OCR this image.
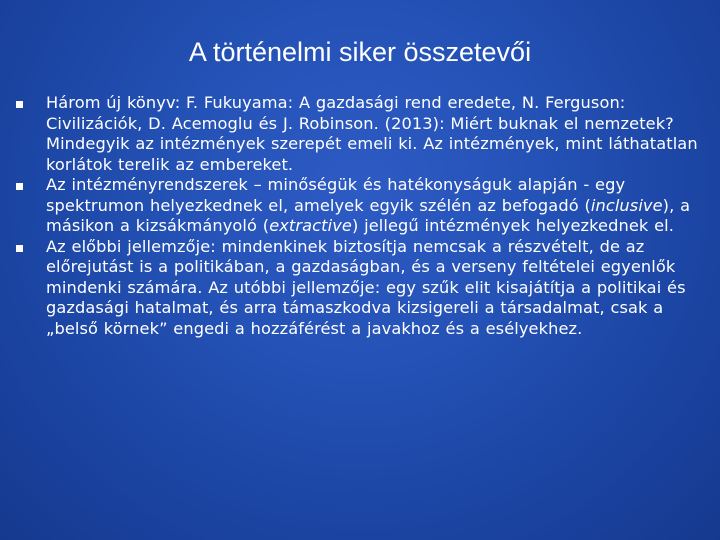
A történelmi siker összetevői
Három új könyv: F. Fukuyama: A gazdasági rend eredete, N. Ferguson: Civilizációk, D. Acemoglu és J. Robinson. (2013): Miért buknak el nemzetek? Mindegyik az intézmények szerepét emeli ki. Az intézmények, mint láthatatlan korlátok terelik az embereket.
Az intézményrendszerek – minőségük és hatékonyságuk alapján - egy spektrumon helyezkednek el, amelyek egyik szélén az befogadó (inclusive), a másikon a kizsákmányoló (extractive) jellegű intézmények helyezkednek el.
Az előbbi jellemzője: mindenkinek biztosítja nemcsak a részvételt, de az előrejutást is a politikában, a gazdaságban, és a verseny feltételei egyenlők mindenki számára. Az utóbbi jellemzője: egy szűk elit kisajátítja a politikai és gazdasági hatalmat, és arra támaszkodva kizsigereli a társadalmat, csak a „belső körnek” engedi a hozzáférést a javakhoz és a esélyekhez.
